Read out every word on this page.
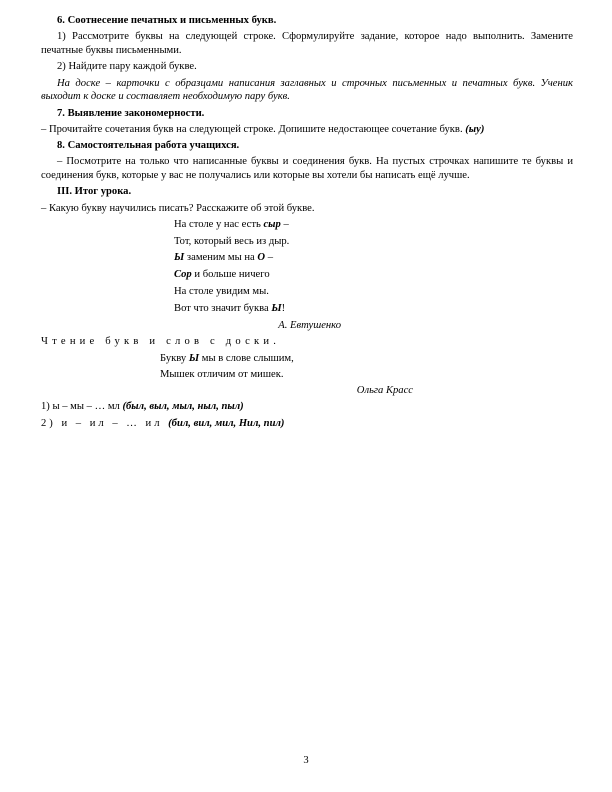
6. Соотнесение печатных и письменных букв.

1) Рассмотрите буквы на следующей строке. Сформулируйте задание, которое надо выполнить. Замените печатные буквы письменными.

2) Найдите пару каждой букве.

На доске – карточки с образцами написания заглавных и строчных письменных и печатных букв. Ученик выходит к доске и составляет необходимую пару букв.

7. Выявление закономерности.

– Прочитайте сочетания букв на следующей строке. Допишите недостающее сочетание букв. (ыу)

8. Самостоятельная работа учащихся.

– Посмотрите на только что написанные буквы и соединения букв. На пустых строчках напишите те буквы и соединения букв, которые у вас не получались или которые вы хотели бы написать ещё лучше.

III. Итог урока.

– Какую букву научились писать? Расскажите об этой букве.

На столе у нас есть сыр –

Тот, который весь из дыр.

Ы заменим мы на О –

Сор и больше ничего

На столе увидим мы.

Вот что значит буква Ы!

А. Евтушенко

Чтение букв и слов с доски.

Букву Ы мы в слове слышим,

Мышек отличим от мишек.

Ольга Красс

1) ы – мы – … мл (был, выл, мыл, ныл, пыл)

2) и – ил – … ил (бил, вил, мил, Нил, пил)

3
